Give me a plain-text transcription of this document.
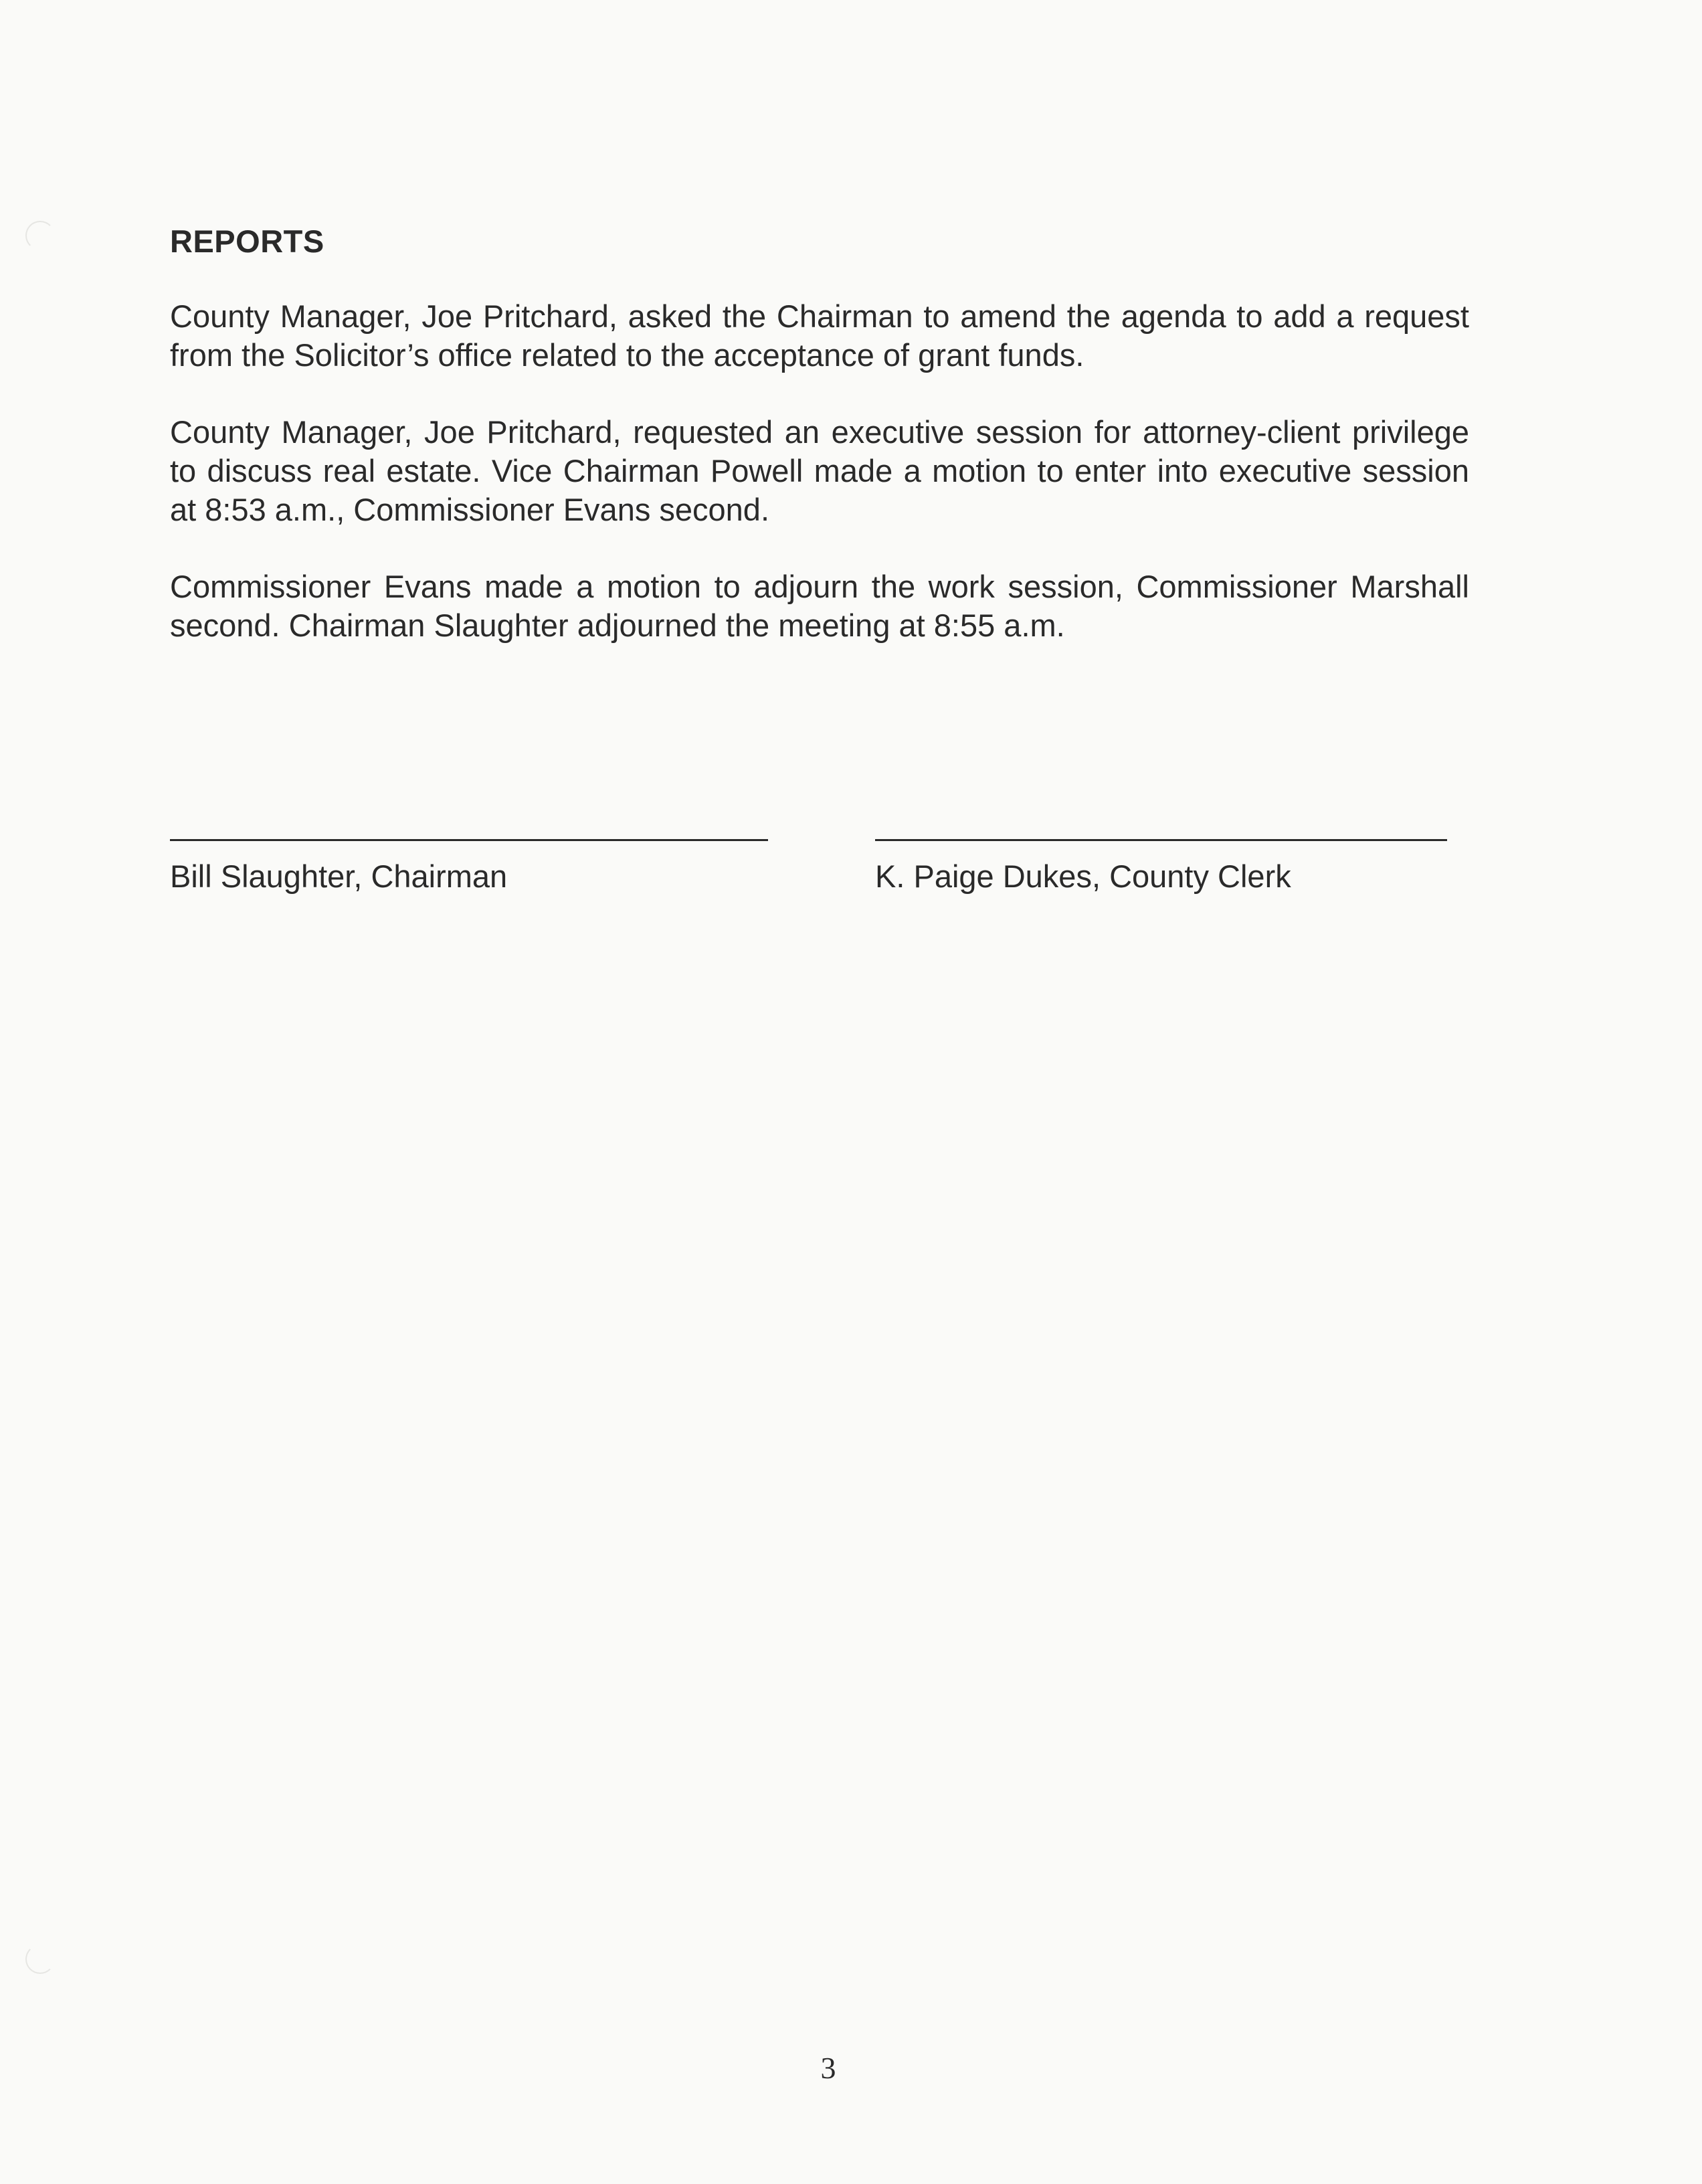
REPORTS

County Manager, Joe Pritchard, asked the Chairman to amend the agenda to add a request from the Solicitor’s office related to the acceptance of grant funds.

County Manager, Joe Pritchard, requested an executive session for attorney-client privilege to discuss real estate. Vice Chairman Powell made a motion to enter into executive session at 8:53 a.m., Commissioner Evans second.

Commissioner Evans made a motion to adjourn the work session, Commissioner Marshall second. Chairman Slaughter adjourned the meeting at 8:55 a.m.

Bill Slaughter, Chairman	K. Paige Dukes, County Clerk
3
